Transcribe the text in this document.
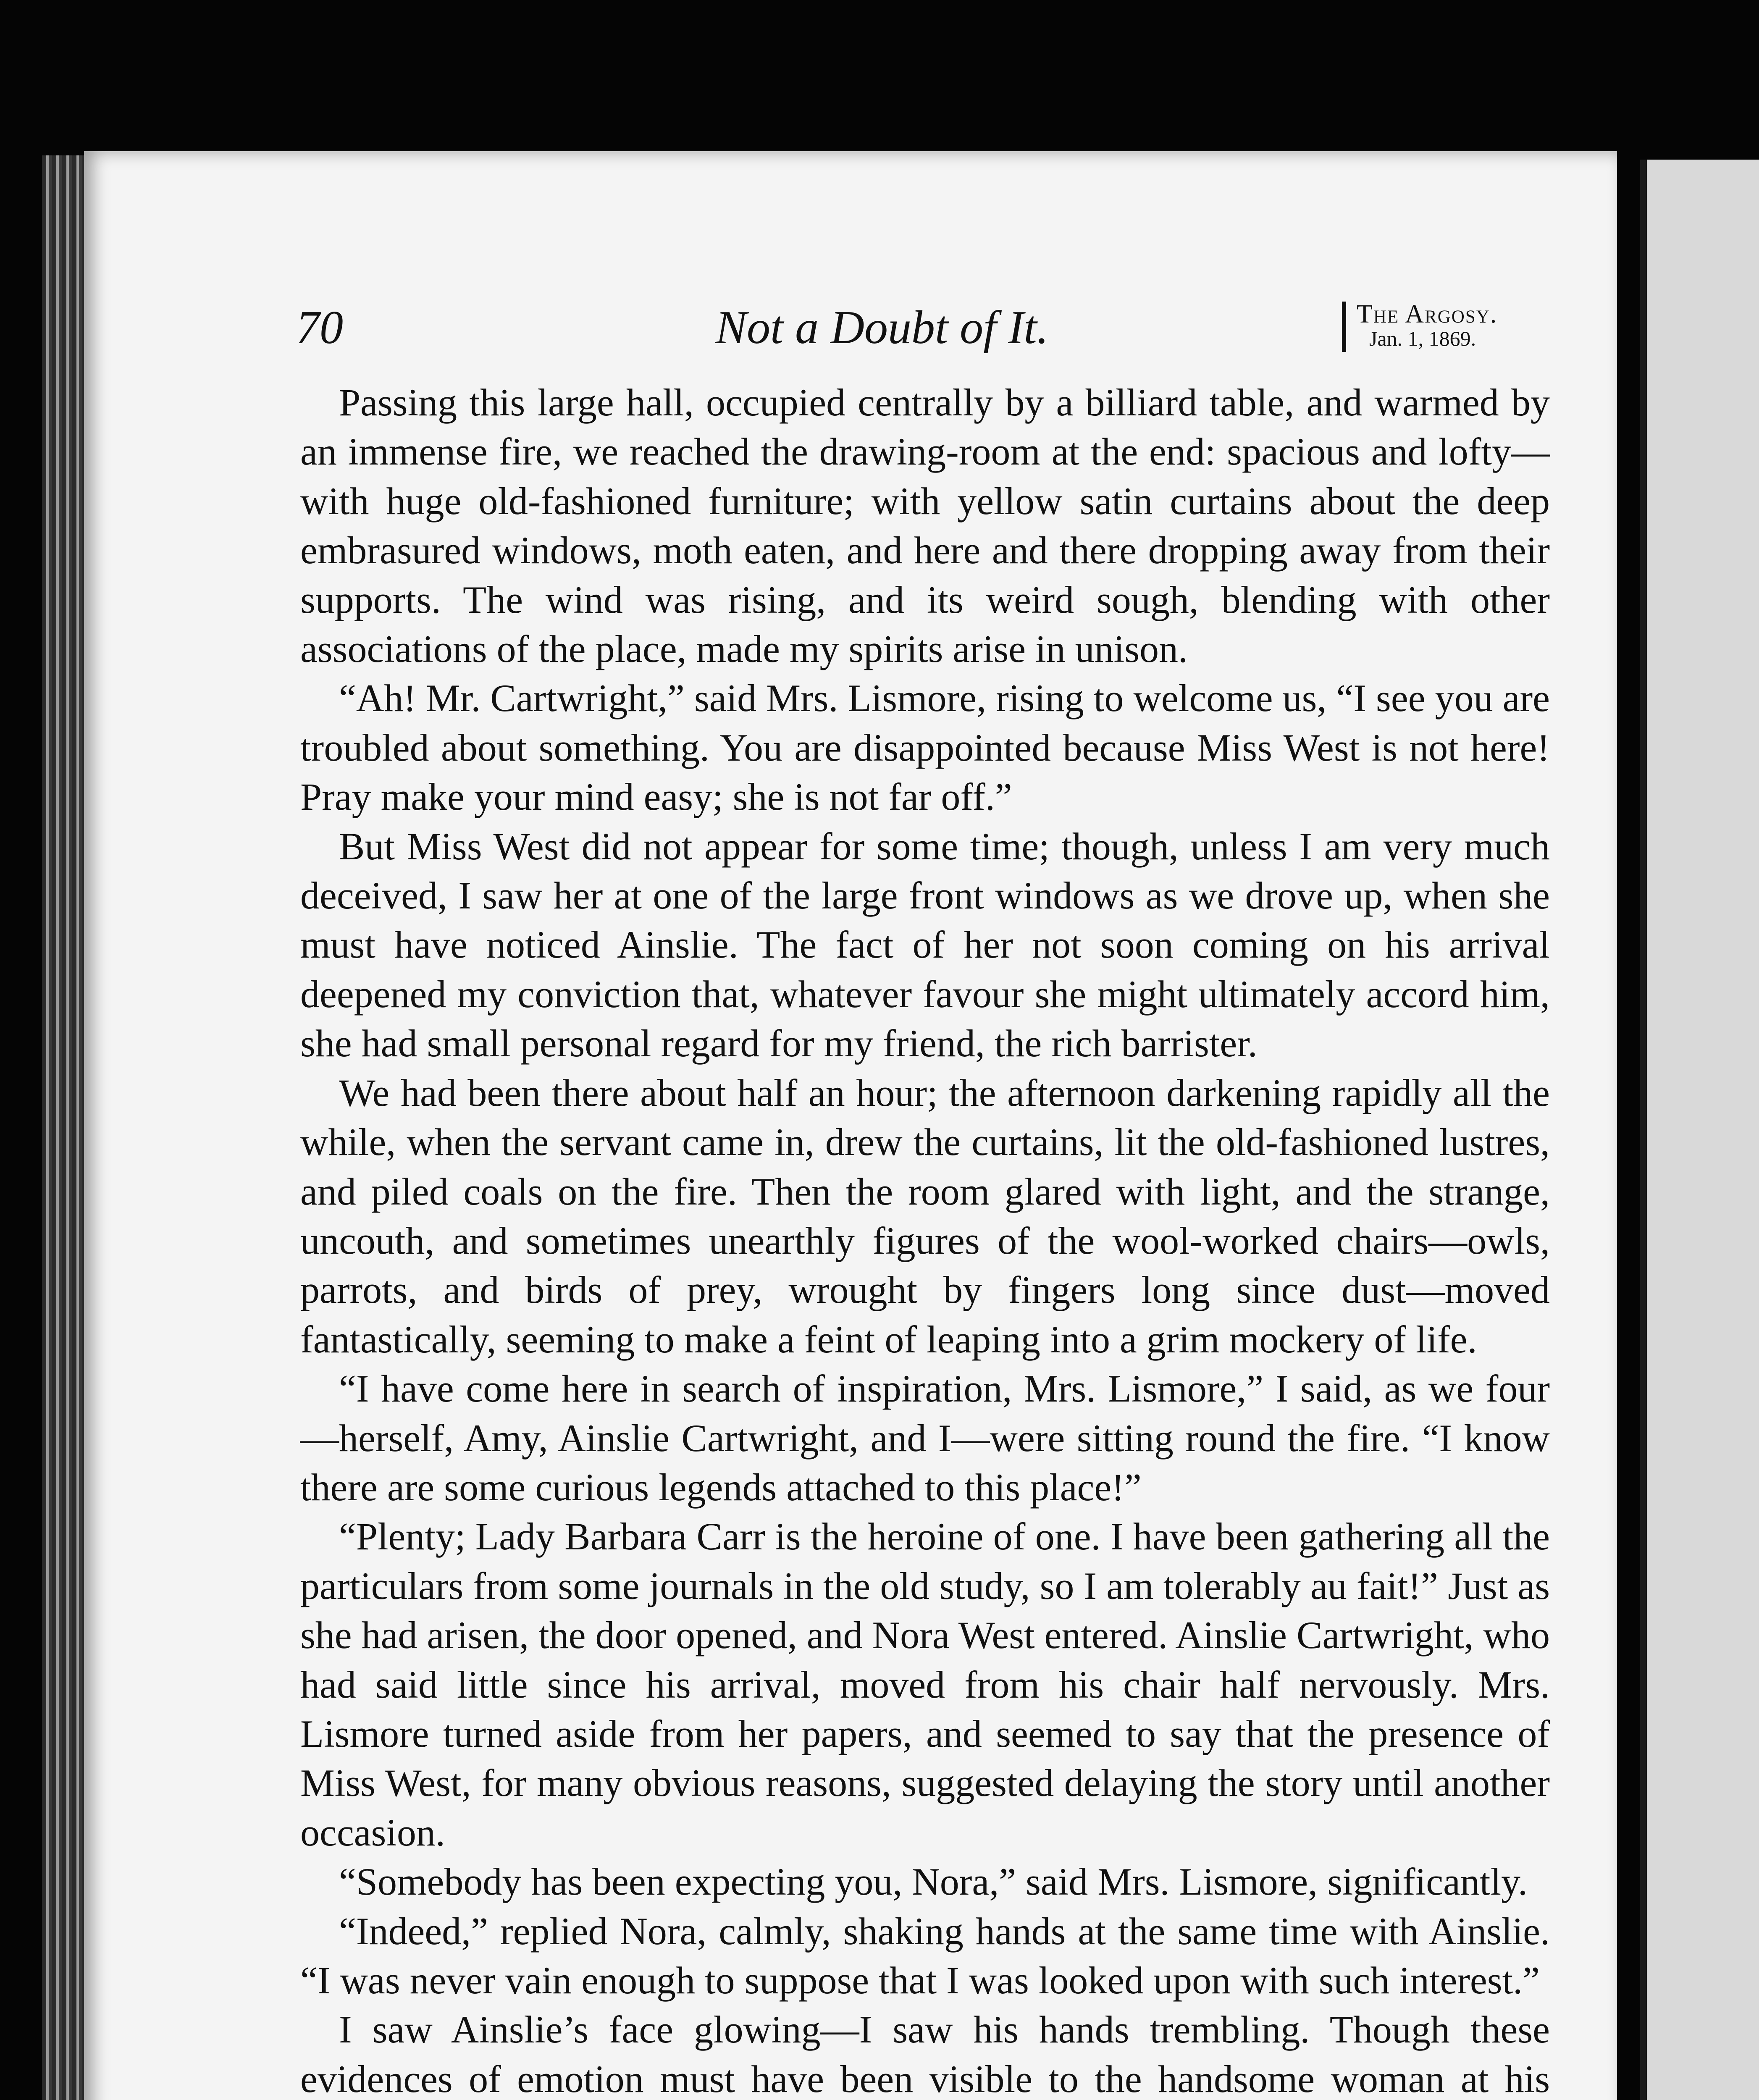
70	Not a Doubt of It.	The Argosy.
Jan. 1, 1869.

Passing this large hall, occupied centrally by a billiard table, and warmed by an immense fire, we reached the drawing-room at the end: spacious and lofty—with huge old-fashioned furniture; with yellow satin curtains about the deep embrasured windows, moth eaten, and here and there dropping away from their supports. The wind was rising, and its weird sough, blending with other associations of the place, made my spirits arise in unison.

“Ah! Mr. Cartwright,” said Mrs. Lismore, rising to welcome us, “I see you are troubled about something. You are disappointed because Miss West is not here! Pray make your mind easy; she is not far off.”

But Miss West did not appear for some time; though, unless I am very much deceived, I saw her at one of the large front windows as we drove up, when she must have noticed Ainslie. The fact of her not soon coming on his arrival deepened my conviction that, whatever favour she might ultimately accord him, she had small personal regard for my friend, the rich barrister.

We had been there about half an hour; the afternoon darkening rapidly all the while, when the servant came in, drew the curtains, lit the old-fashioned lustres, and piled coals on the fire. Then the room glared with light, and the strange, uncouth, and sometimes unearthly figures of the wool-worked chairs—owls, parrots, and birds of prey, wrought by fingers long since dust—moved fantastically, seeming to make a feint of leaping into a grim mockery of life.

“I have come here in search of inspiration, Mrs. Lismore,” I said, as we four—herself, Amy, Ainslie Cartwright, and I—were sitting round the fire. “I know there are some curious legends attached to this place!”

“Plenty; Lady Barbara Carr is the heroine of one. I have been gathering all the particulars from some journals in the old study, so I am tolerably au fait!” Just as she had arisen, the door opened, and Nora West entered. Ainslie Cartwright, who had said little since his arrival, moved from his chair half nervously. Mrs. Lismore turned aside from her papers, and seemed to say that the presence of Miss West, for many obvious reasons, suggested delaying the story until another occasion.

“Somebody has been expecting you, Nora,” said Mrs. Lismore, significantly.

“Indeed,” replied Nora, calmly, shaking hands at the same time with Ainslie. “I was never vain enough to suppose that I was looked upon with such interest.”

I saw Ainslie’s face glowing—I saw his hands trembling. Though these evidences of emotion must have been visible to the handsome woman at his
